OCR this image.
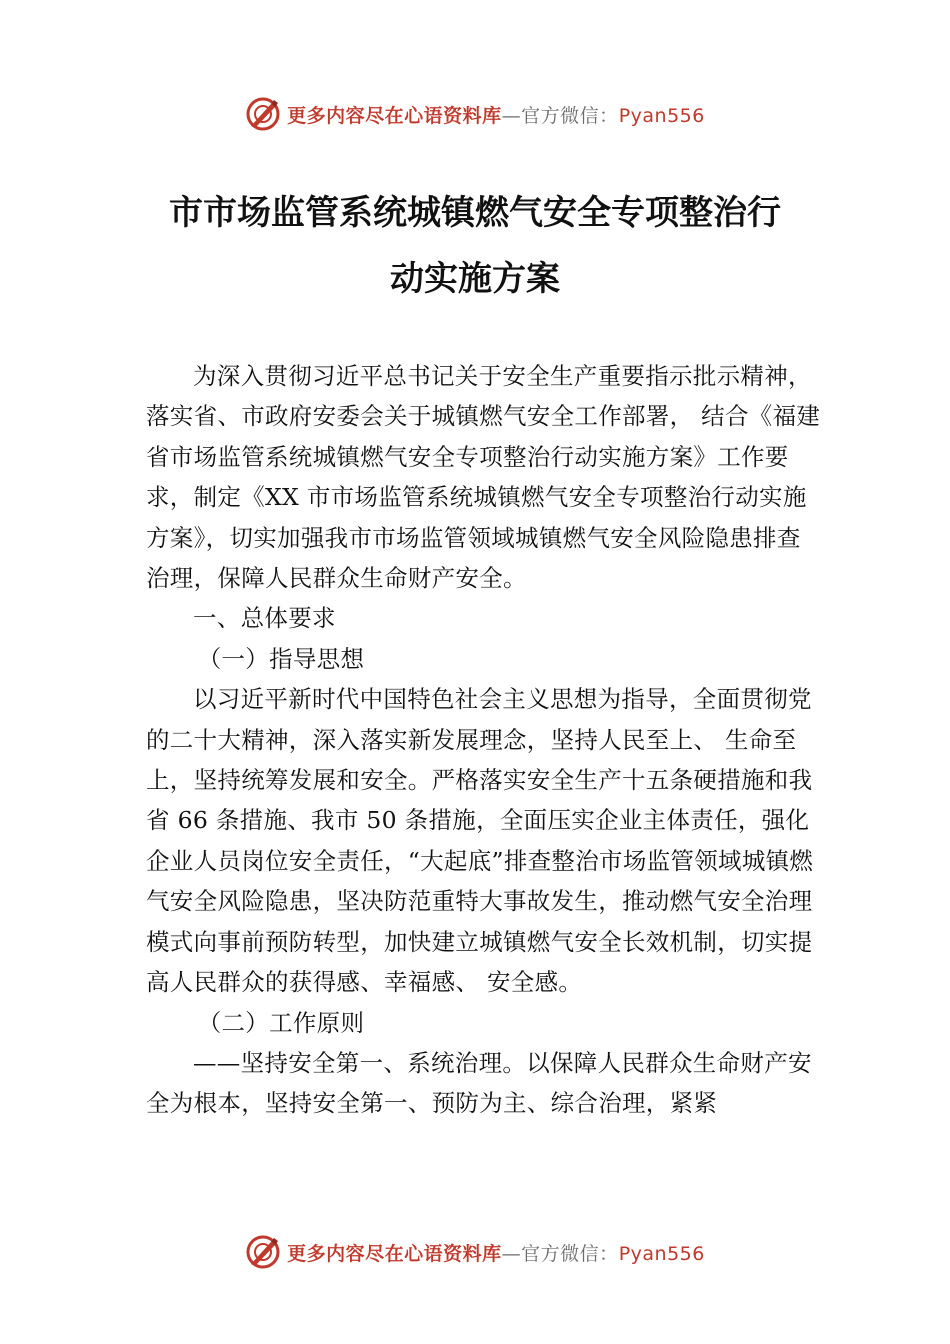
更多内容尽在心语资料库—官方微信：Pyan556
市市场监管系统城镇燃气安全专项整治行
动实施方案

为深入贯彻习近平总书记关于安全生产重要指示批示精神，落实省、市政府安委会关于城镇燃气安全工作部署， 结合《福建省市场监管系统城镇燃气安全专项整治行动实施方案》工作要求，制定《XX 市市场监管系统城镇燃气安全专项整治行动实施方案》，切实加强我市市场监管领域城镇燃气安全风险隐患排查治理，保障人民群众生命财产安全。

一、总体要求

（一）指导思想

以习近平新时代中国特色社会主义思想为指导，全面贯彻党的二十大精神，深入落实新发展理念，坚持人民至上、 生命至上，坚持统筹发展和安全。严格落实安全生产十五条硬措施和我省 66 条措施、我市 50 条措施，全面压实企业主体责任，强化企业人员岗位安全责任，“大起底”排查整治市场监管领域城镇燃气安全风险隐患，坚决防范重特大事故发生，推动燃气安全治理模式向事前预防转型，加快建立城镇燃气安全长效机制，切实提高人民群众的获得感、幸福感、 安全感。

（二）工作原则

——坚持安全第一、系统治理。以保障人民群众生命财产安全为根本，坚持安全第一、预防为主、综合治理，紧紧

更多内容尽在心语资料库—官方微信：Pyan556
